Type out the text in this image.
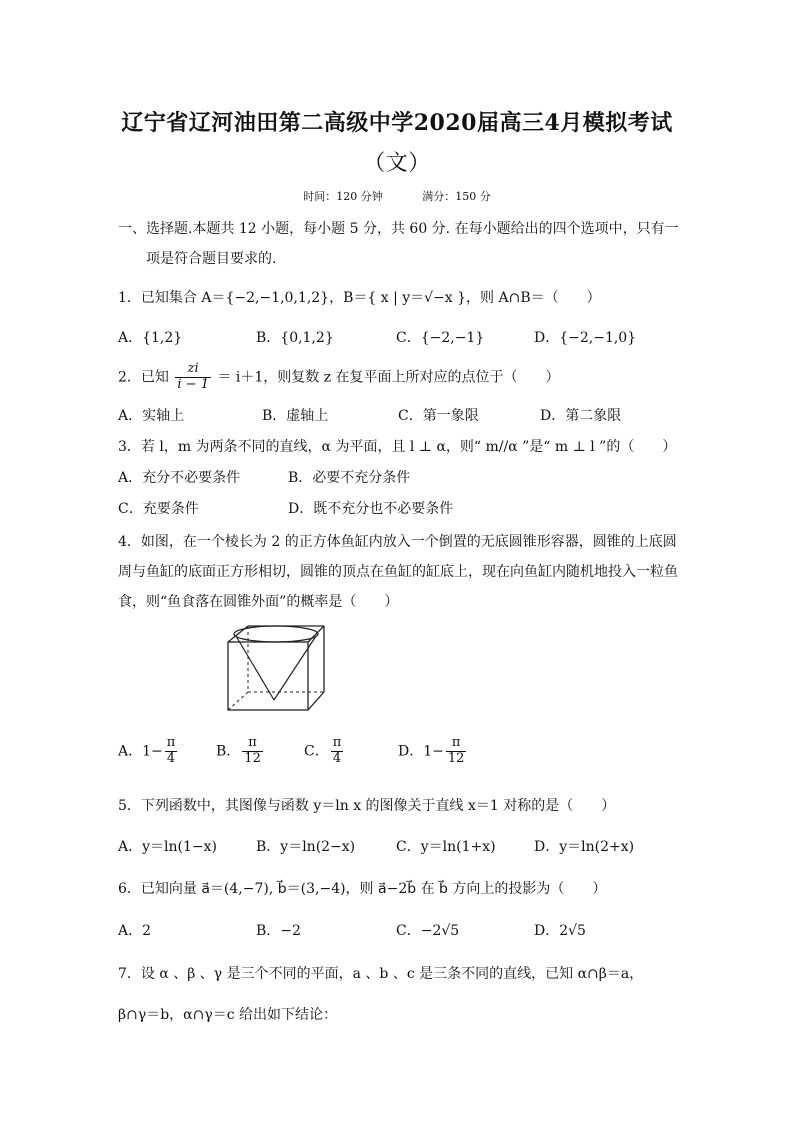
辽宁省辽河油田第二高级中学2020届高三4月模拟考试
（文）
时间：120 分钟	满分：150 分
一、选择题.本题共 12 小题，每小题 5 分，共 60 分. 在每小题给出的四个选项中，只有一
项是符合题目要求的.
1．已知集合 A＝{−2,−1,0,1,2}，B＝{ x | y＝√−x }，则 A∩B＝（　　）
A．{1,2}	B．{0,1,2}	C．{−2,−1}	D．{−2,−1,0}
2．已知 $\frac{zi}{i - 1} = i+1$，则复数 z 在复平面上所对应的点位于（　　）
A．实轴上	B．虚轴上	C．第一象限	D．第二象限
3．若 l，m 为两条不同的直线，α 为平面，且 l ⊥ α，则“ m//α ”是“ m ⊥ l ”的（　　）
A．充分不必要条件	B．必要不充分条件
C．充要条件	D．既不充分也不必要条件
4．如图，在一个棱长为 2 的正方体鱼缸内放入一个倒置的无底圆锥形容器，圆锥的上底圆
周与鱼缸的底面正方形相切，圆锥的顶点在鱼缸的缸底上，现在向鱼缸内随机地投入一粒鱼
食，则“鱼食落在圆锥外面”的概率是（　　）
A．$1- \frac{\pi}{4}$	B． $\frac{\pi}{12}$	C． $\frac{\pi}{4}$	D．$1- \frac{\pi}{12}$
5．下列函数中，其图像与函数 y＝ln x 的图像关于直线 x＝1 对称的是（　　）
A．y＝ln(1−x)	B．y＝ln(2−x)	C．y＝ln(1+x)	D．y＝ln(2+x)
6．已知向量 a⃗＝(4,−7), b⃗＝(3,−4)，则 a⃗−2b⃗ 在 b⃗ 方向上的投影为（　　）
A．2	B．−2	C．−2√5	D．2√5
7．设 α 、β 、γ 是三个不同的平面，a 、b 、c 是三条不同的直线，已知 α∩β＝a，
β∩γ＝b，α∩γ＝c 给出如下结论：
